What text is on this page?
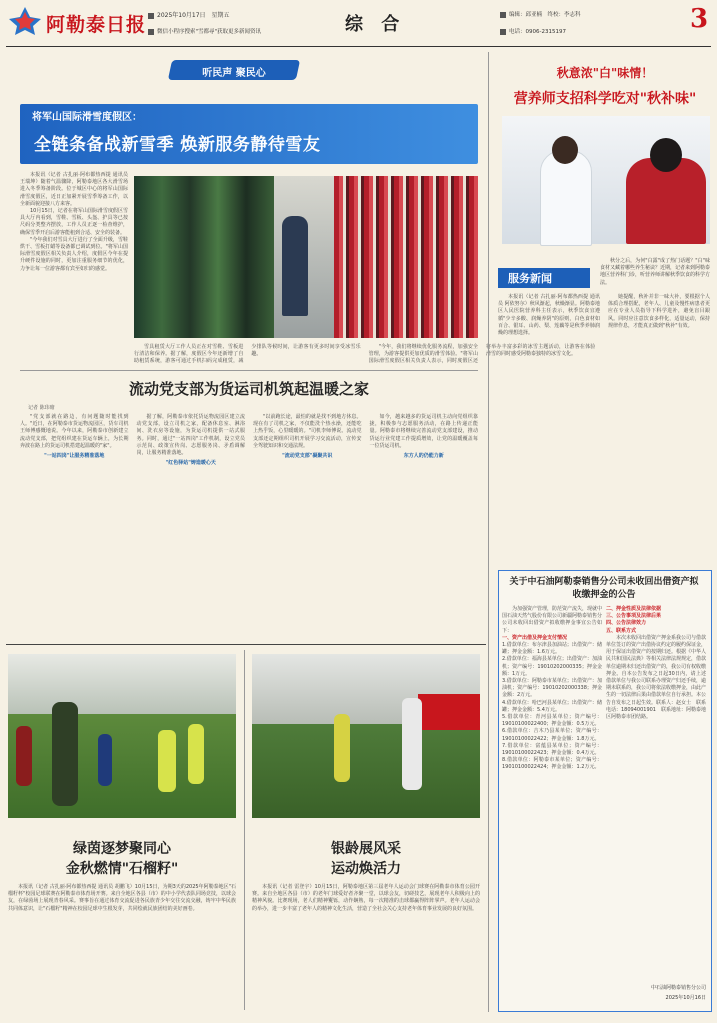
阿勒泰日报	2025年10月17日　星期五
微信小程序搜索"雪都尋"获取更多新闻资讯	综 合	编辑：邱亚楠　终校：李志科
电话：0906-2315197	3
听民声 聚民心
将军山国际滑雪度假区：
全链条备战新雪季 焕新服务静待雪友

本报讯（记者 古扎丽·阿布都热西提 通讯员 王瑞坤）随着气温骤降，阿勒泰地区各大滑雪场进入冬季筹备阶段。位于城区中心的将军山国际滑雪度假区，近日正加紧开展雪季筹备工作，以全新面貌迎接八方来客。

10月15日，记者在将军山国际滑雪度假区雪具大厅内看到，雪鞋、雪板、头盔、护具等已按尺码分类整齐摆放，工作人员正逐一检查维护，确保雪季开启后游客能租到合适、安全的装备。

"今年我们对雪具大厅进行了全面升级，雪鞋烘干、雪板打蜡等设备都已调试到位。"将军山国际滑雪度假区相关负责人介绍，度假区今年在提升硬件设施的同时，更加注重服务细节的优化，力争让每一位游客都有宾至如归的感觉。

雪具租赁大厅工作人员正在对雪鞋、雪板进行清洁和保养。据了解，度假区今年还新增了自助租赁系统，游客可通过手机扫码完成租赁，减少排队等候时间，让游客有更多时间享受冰雪乐趣。

"今年，我们将继续优化服务流程，加强安全管理，为游客提供更加优质的滑雪体验。"将军山国际滑雪度假区相关负责人表示，同时度假区还将举办丰富多彩的冰雪主题活动，让游客在体验滑雪的同时感受阿勒泰独特的冰雪文化。

流动党支部为货运司机筑起温暖之家
记者 陈玮瑭

"党支部就在路边，有问题随时能找到人。"近日，在阿勒泰市货运物流园区，货车司机王师傅感慨地说。今年以来，阿勒泰市创新建立流动党支部，把党组织建在货运车辆上，为长期奔波在路上的货运司机搭建起温暖的"家"。

"一站四岗"让服务精准落地

据了解，阿勒泰市依托货运物流园区建立流动党支部，设立司机之家，配备休息室、淋浴间、洗衣房等设施，为货运司机提供一站式服务。同时，通过"一站四岗"工作机制，设立党员示范岗、政策宣传岗、志愿服务岗、矛盾调解岗，让服务精准落地。

"红色驿站"铸造暖心天

"以前跑长途，最怕的就是找不到地方休息。现在有了司机之家，不仅能洗个热水澡，还能吃上热乎饭，心里暖暖的。"司机李师傅说。流动党支部还定期组织司机开展学习交流活动，宣传安全驾驶知识和交通法规。

"流动党支部"凝聚共识

如今，越来越多的货运司机主动向党组织靠拢，积极参与志愿服务活动，在路上传递正能量。阿勒泰市将继续完善流动党支部建设，推动货运行业党建工作提质增效，让党的温暖覆盖每一位货运司机。

东方人的仍能力新
秋意浓"白"味情！
营养师支招科学吃对"秋补味"
服务新闻

秋分之后，为何"白露"成了热门话题？"白"味食材又藏着哪些养生秘诀？近期，记者来到阿勒泰地区营养科门诊，听营养师讲解秋季饮食的科学方法。

本报讯（记者 古扎丽·阿布都热西提 通讯员 阿依努尔）秋风渐起，秋燥渐显。阿勒泰地区人民医院营养科主任表示，秋季饮食宜遵循"少辛多酸、润燥养阴"的原则，白色食材如百合、银耳、山药、梨、莲藕等是秋季养肺润燥的理想选择。

她提醒，秋补并非一味大补，要根据个人体质合理搭配，老年人、儿童及慢性病患者更应在专业人员指导下科学进补，避免盲目跟风。同时应注意饮食多样化，适量运动，保持规律作息，才能真正做到"秋补"有效。

关于中石油阿勒泰销售分公司未收回出借资产拟收缴押金的公告

为加强资产管理，防范资产流失，现就中国石油天然气股份有限公司新疆阿勒泰销售分公司未收回出借资产拟收缴押金事宜公告如下：

一、资产出借及押金支付情况
1.借款单位：布尔津县加油站；出借资产：储罐；押金金额：1.6万元。
2.借款单位：福海县某单位；出借资产：加油机；资产编号：19010202000335；押金金额：1万元。
3.借款单位：阿勒泰市某单位；出借资产：加油机；资产编号：19010202000338；押金金额：2万元。
4.借款单位：哈巴河县某单位；出借资产：储罐；押金金额：5.4万元。
5.借款单位：青河县某单位；资产编号：19010100022400；押金金额：0.5万元。
6.借款单位：吉木乃县某单位；资产编号：19010100022422；押金金额：1.8万元。
7.借款单位：富蕴县某单位；资产编号：19010100022423；押金金额：0.4万元。
8.借款单位：阿勒泰市某单位；资产编号：19010100022424；押金金额：1.2万元。
二、押金性质及法律依据
三、公告事项及法律后果
四、公告法律效力
五、联系方式

本次未收回出借资产押金系我公司与借款单位签订的资产出借协议约定的履约保证金，用于保证出借资产的按期归还。根据《中华人民共和国民法典》等相关法律法规规定，借款单位逾期未归还出借资产的，我公司有权收缴押金。自本公告发布之日起30日内，请上述借款单位与我公司联系办理资产归还手续，逾期未联系的，我公司将依法收缴押金，由此产生的一切法律后果由借款单位自行承担。本公告自发布之日起生效。联系人：赵女士　联系电话：18094001901　联系地址：阿勒泰地区阿勒泰市团结路。

中石油阿勒泰销售分公司
2025年10月16日
绿茵逐梦聚同心
金秋燃情"石榴籽"

本报讯（记者 古扎丽·阿布都热西提 通讯员 胡鹏飞）10月15日，为期3天的2025年阿勒泰地区"石榴籽杯"校园足球联赛在阿勒泰市体育场开赛。来自全地区各县（市）的中小学代表队同场竞技，以球会友，在绿茵场上展现青春风采。赛事旨在通过体育交流促进各民族青少年交往交流交融，铸牢中华民族共同体意识，让"石榴籽"精神在校园足球中生根发芽，共同绘就民族团结的美好画卷。

银龄展风采
运动焕活力

本报讯（记者 雷登宇）10月15日，阿勒泰地区第三届老年人运动会门球赛在阿勒泰市体育公园开赛。来自全地区各县（市）的老年门球爱好者齐聚一堂，以球会友，切磋技艺，展现老年人积极向上的精神风貌。比赛现场，老人们精神矍铄，动作娴熟，每一次精准的击球都赢得阵阵掌声。老年人运动会的举办，进一步丰富了老年人的精神文化生活，营造了全社会关心支持老年体育事业发展的良好氛围。
